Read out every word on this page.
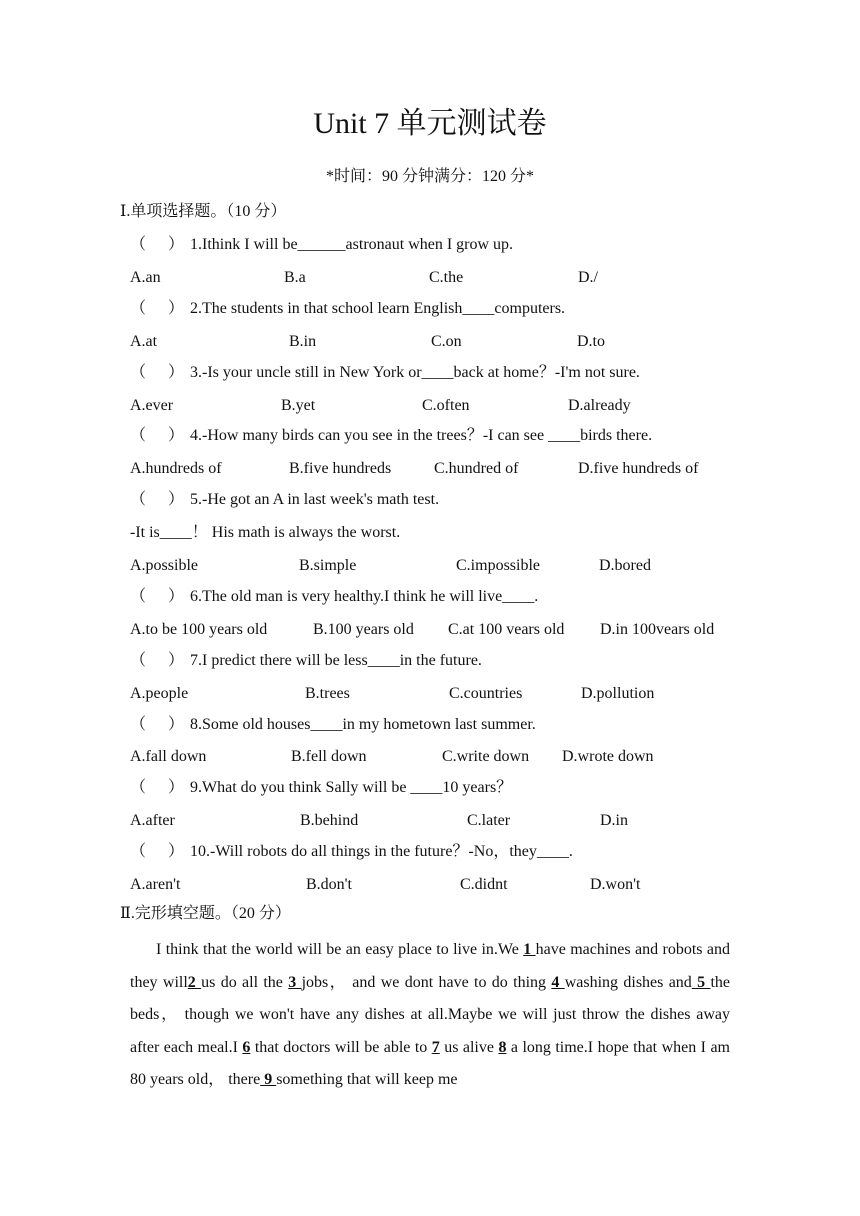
Unit 7 单元测试卷
*时间：90 分钟满分：120 分*
Ⅰ.单项选择题。（10 分）
（ ） 1.Ithink I will be______astronaut when I grow up.
A.an	B.a	C.the	D./
（ ） 2.The students in that school learn English____computers.
A.at	B.in	C.on	D.to
（ ） 3.-Is your uncle still in New York or____back at home？-I'm not sure.
A.ever	B.yet	C.often	D.already
（ ） 4.-How many birds can you see in the trees？-I can see ____birds there.
A.hundreds of	B.five hundreds	C.hundred of	D.five hundreds of
（ ） 5.-He got an A in last week's math test.
-It is____！ His math is always the worst.
A.possible	B.simple	C.impossible	D.bored
（ ） 6.The old man is very healthy.I think he will live____.
A.to be 100 years old	B.100 years old C.at 100 vears old D.in 100vears old
（ ） 7.I predict there will be less____in the future.
A.people	B.trees	C.countries	D.pollution
（ ） 8.Some old houses____in my hometown last summer.
A.fall down	B.fell down	C.write down D.wrote down
（ ） 9.What do you think Sally will be ____10 years？
A.after	B.behind	C.later	D.in
（ ） 10.-Will robots do all things in the future？-No，they____.
A.aren't	B.don't	C.didnt	D.won't
Ⅱ.完形填空题。（20 分）
I think that the world will be an easy place to live in.We 1 have machines and robots and they will2 us do all the 3 jobs， and we dont have to do thing 4 washing dishes and 5 the beds， though we won't have any dishes at all.Maybe we will just throw the dishes away after each meal.I 6 that doctors will be able to 7 us alive 8 a long time.I hope that when I am 80 years old， there 9 something that will keep me
